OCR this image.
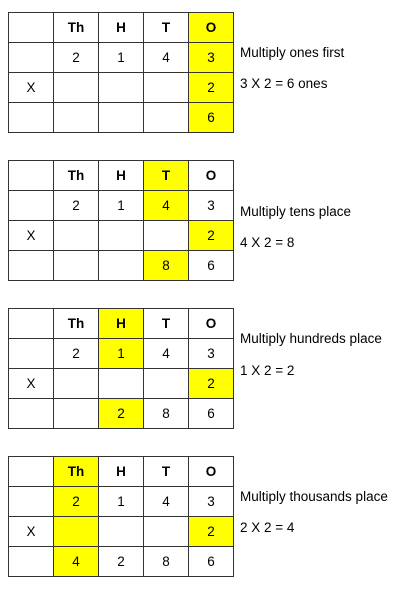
	Th	H	T	O
	2	1	4	3
X				2
				6
Multiply ones first
3 X 2 = 6 ones
	Th	H	T	O
	2	1	4	3
X				2
			8	6
Multiply tens place
4 X 2 = 8
	Th	H	T	O
	2	1	4	3
X				2
		2	8	6
Multiply hundreds place
1 X 2 = 2
	Th	H	T	O
	2	1	4	3
X				2
	4	2	8	6
Multiply thousands place
2 X 2 = 4
